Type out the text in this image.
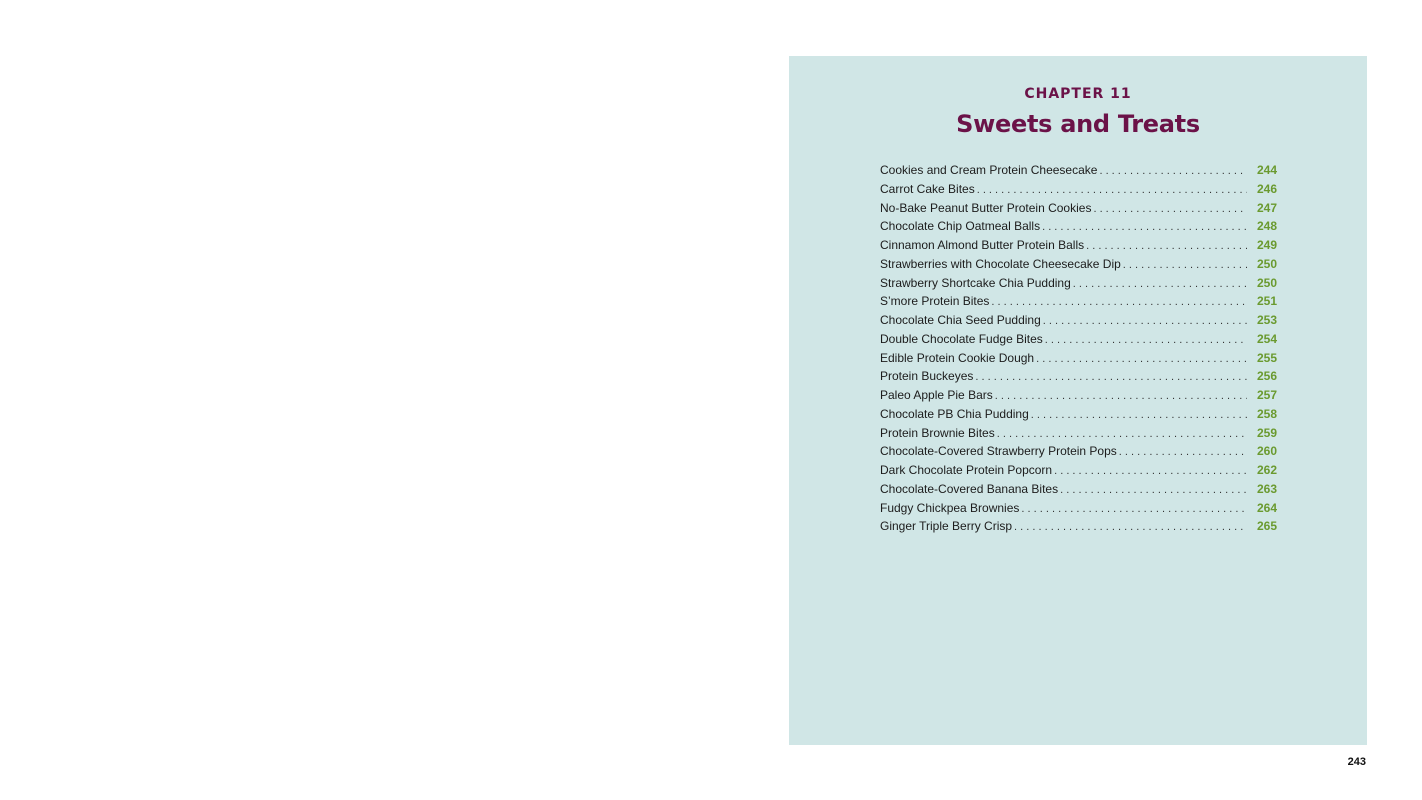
CHAPTER 11
Sweets and Treats
Cookies and Cream Protein Cheesecake . . .	244
Carrot Cake Bites . . .	246
No-Bake Peanut Butter Protein Cookies . . .	247
Chocolate Chip Oatmeal Balls . . .	248
Cinnamon Almond Butter Protein Balls . . .	249
Strawberries with Chocolate Cheesecake Dip . . .	250
Strawberry Shortcake Chia Pudding . . .	250
S’more Protein Bites . . .	251
Chocolate Chia Seed Pudding . . .	253
Double Chocolate Fudge Bites . . .	254
Edible Protein Cookie Dough . . .	255
Protein Buckeyes . . .	256
Paleo Apple Pie Bars . . .	257
Chocolate PB Chia Pudding . . .	258
Protein Brownie Bites . . .	259
Chocolate-Covered Strawberry Protein Pops . . .	260
Dark Chocolate Protein Popcorn . . .	262
Chocolate-Covered Banana Bites . . .	263
Fudgy Chickpea Brownies . . .	264
Ginger Triple Berry Crisp . . .	265
243
